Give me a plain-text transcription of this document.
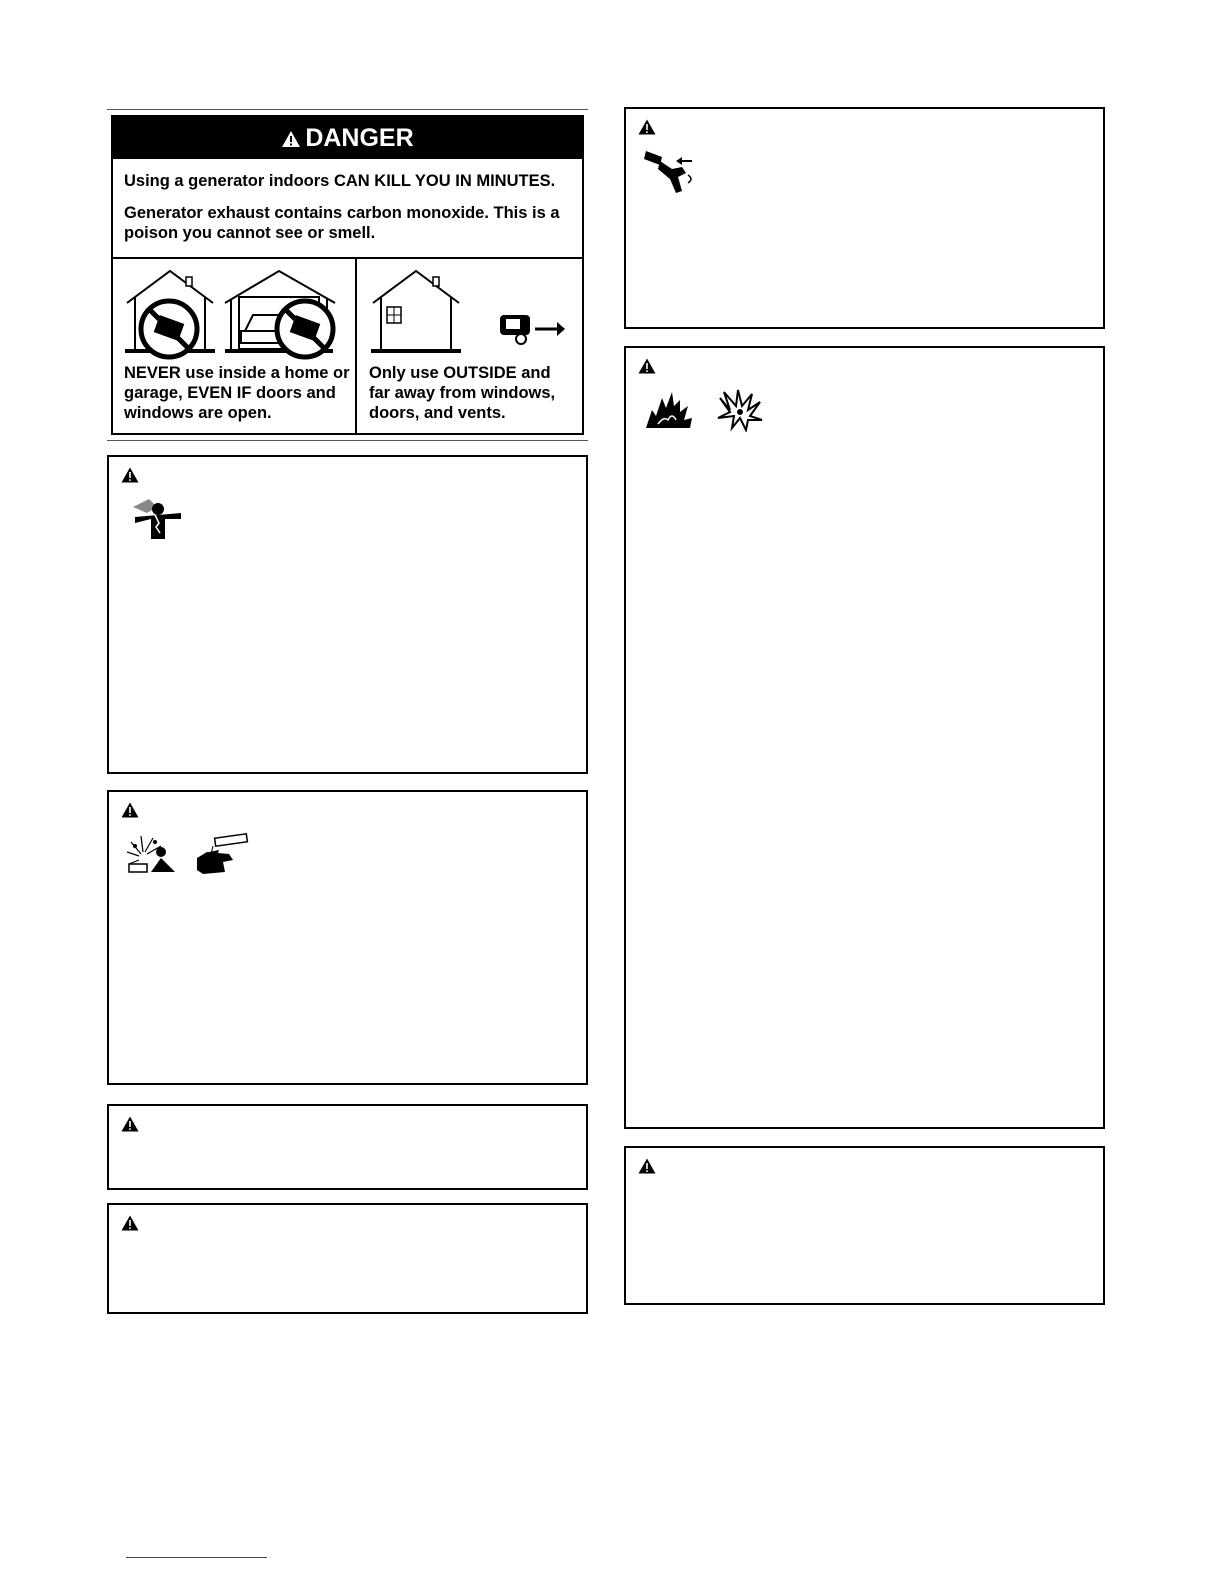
DANGER

Using a generator indoors CAN KILL YOU IN MINUTES.

Generator exhaust contains carbon monoxide. This is a poison you cannot see or smell.

NEVER use inside a home or garage, EVEN IF doors and windows are open.
Only use OUTSIDE and far away from windows, doors, and vents.
